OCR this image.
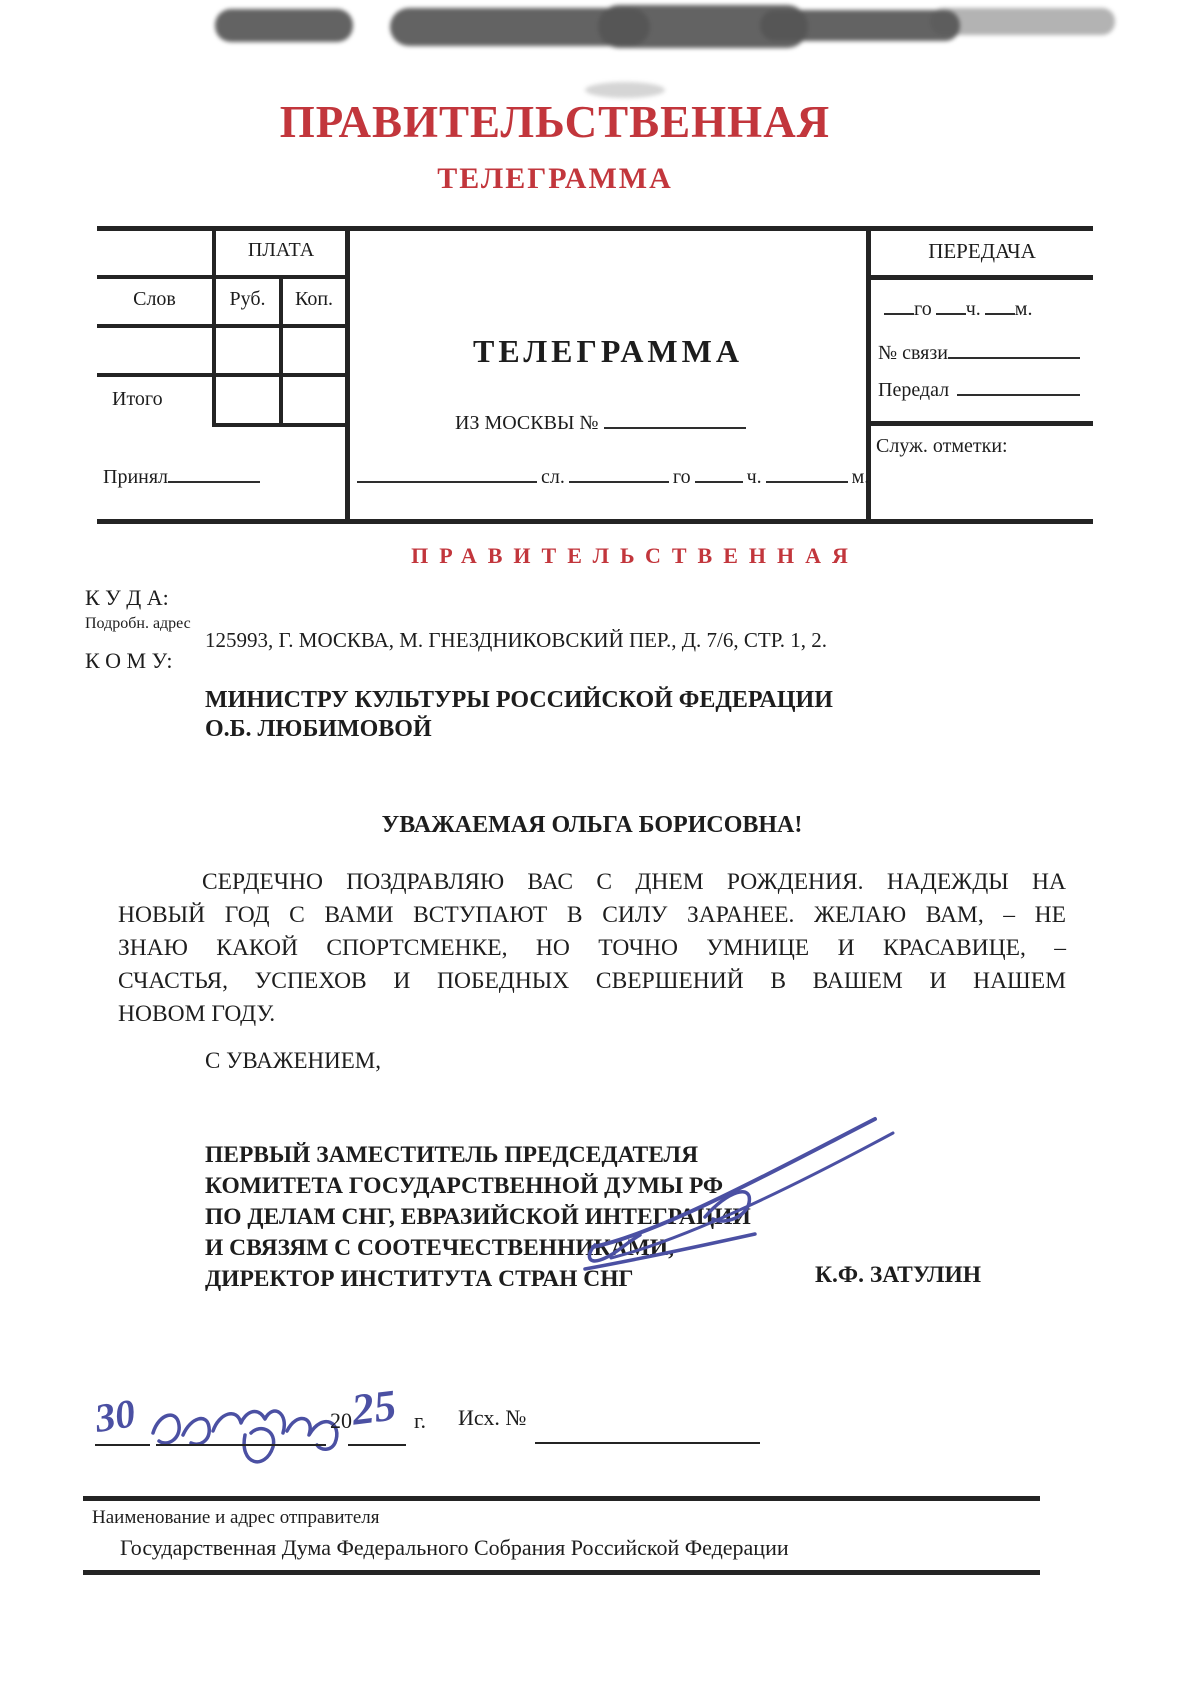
ПРАВИТЕЛЬСТВЕННАЯ
ТЕЛЕГРАММА
ПЛАТА
Слов	Руб.	Коп.
Итого
Принял
ТЕЛЕГРАММА
ИЗ МОСКВЫ №
сл.	го	ч.	м.
ПЕРЕДАЧА
го ч. м.
№ связи
Передал
Служ. отметки:
ПРАВИТЕЛЬСТВЕННАЯ
К У Д А:
Подробн. адрес
К О М У:
125993, Г. МОСКВА, М. ГНЕЗДНИКОВСКИЙ ПЕР., Д. 7/6, СТР. 1, 2.
МИНИСТРУ КУЛЬТУРЫ РОССИЙСКОЙ ФЕДЕРАЦИИ
О.Б. ЛЮБИМОВОЙ
УВАЖАЕМАЯ ОЛЬГА БОРИСОВНА!
СЕРДЕЧНО ПОЗДРАВЛЯЮ ВАС С ДНЕМ РОЖДЕНИЯ. НАДЕЖДЫ НА
НОВЫЙ ГОД С ВАМИ ВСТУПАЮТ В СИЛУ ЗАРАНЕЕ. ЖЕЛАЮ ВАМ, – НЕ
ЗНАЮ КАКОЙ СПОРТСМЕНКЕ, НО ТОЧНО УМНИЦЕ И КРАСАВИЦЕ, –
СЧАСТЬЯ, УСПЕХОВ И ПОБЕДНЫХ СВЕРШЕНИЙ В ВАШЕМ И НАШЕМ
НОВОМ ГОДУ.
С УВАЖЕНИЕМ,
ПЕРВЫЙ ЗАМЕСТИТЕЛЬ ПРЕДСЕДАТЕЛЯ
КОМИТЕТА ГОСУДАРСТВЕННОЙ ДУМЫ РФ
ПО ДЕЛАМ СНГ, ЕВРАЗИЙСКОЙ ИНТЕГРАЦИИ
И СВЯЗЯМ С СООТЕЧЕСТВЕННИКАМИ,
ДИРЕКТОР ИНСТИТУТА СТРАН СНГ	К.Ф. ЗАТУЛИН
30	20
25 г. Исх. №
Наименование и адрес отправителя
Государственная Дума Федерального Собрания Российской Федерации
